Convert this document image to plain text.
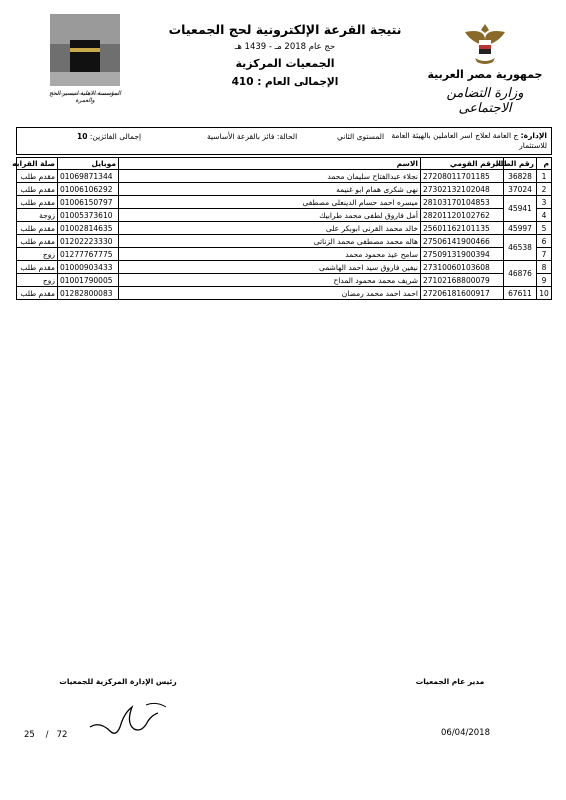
جمهورية مصر العربية
وزارة التضامن الاجتماعى
المؤسسة الاهلية لتيسير الحج والعمرة
نتيجة القرعة الإلكترونية لحج الجمعيات
حج عام 2018 مـ - 1439 هـ
الجمعيات المركزية
الإجمالى العام : 410
الإدارة: ج العامة لعلاج اسر العاملين بالهيئة العامة للاستثمار
المستوى الثاني
الحالة: فائز بالقرعة الأساسية
إجمالى الفائزين: 10
م	رقم الطلب	الرقم القومي	الاسم	موبايل	صلة القرابه
1	36828	27208011701185	نجلاء عبدالفتاح سليمان محمد	01069871344	مقدم طلب
2	37024	27302132102048	نهى شكرى همام ابو غنيمه	01006106292	مقدم طلب
3	45941	28103170104853	ميسره احمد حسام الدينعلى مصطفى	01006150797	مقدم طلب
4		28201120102762	أمل فاروق لطفى محمد طرابيك	01005373610	زوجة
5	45997	25601162101135	خالد محمد القرنى ابوبكر على	01002814635	مقدم طلب
6	46538	27506141900466	هاله محمد مصطفى محمد الزناتى	01202223330	مقدم طلب
7		27509131900394	سامح عيد محمود محمد	01277767775	زوج
8	46876	27310060103608	نيفين فاروق سيد احمد الهاشمى	01000903433	مقدم طلب
9		27102168800079	شريف محمد محمود المداح	01001790005	زوج
10	67611	27206181600917	احمد احمد محمد رمضان	01282800083	مقدم طلب
رئيس الإدارة المركزية للجمعيات	مدير عام الجمعيات
25 / 72	06/04/2018
